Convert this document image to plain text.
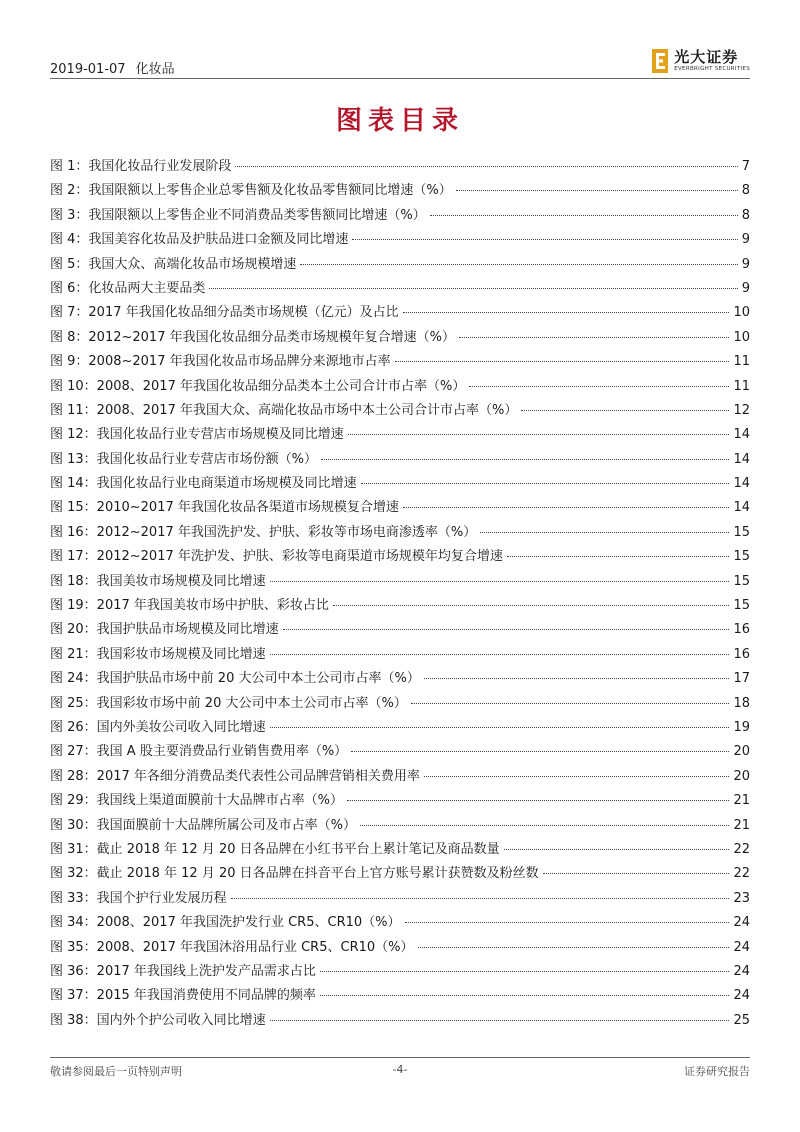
2019-01-07 化妆品
光大证券
EVERBRIGHT SECURITIES
图表目录
图 1：我国化妆品行业发展阶段	7
图 2：我国限额以上零售企业总零售额及化妆品零售额同比增速（%）	8
图 3：我国限额以上零售企业不同消费品类零售额同比增速（%）	8
图 4：我国美容化妆品及护肤品进口金额及同比增速	9
图 5：我国大众、高端化妆品市场规模增速	9
图 6：化妆品两大主要品类	9
图 7：2017 年我国化妆品细分品类市场规模（亿元）及占比	10
图 8：2012~2017 年我国化妆品细分品类市场规模年复合增速（%）	10
图 9：2008~2017 年我国化妆品市场品牌分来源地市占率	11
图 10：2008、2017 年我国化妆品细分品类本土公司合计市占率（%）	11
图 11：2008、2017 年我国大众、高端化妆品市场中本土公司合计市占率（%）	12
图 12：我国化妆品行业专营店市场规模及同比增速	14
图 13：我国化妆品行业专营店市场份额（%）	14
图 14：我国化妆品行业电商渠道市场规模及同比增速	14
图 15：2010~2017 年我国化妆品各渠道市场规模复合增速	14
图 16：2012~2017 年我国洗护发、护肤、彩妆等市场电商渗透率（%）	15
图 17：2012~2017 年洗护发、护肤、彩妆等电商渠道市场规模年均复合增速	15
图 18：我国美妆市场规模及同比增速	15
图 19：2017 年我国美妆市场中护肤、彩妆占比	15
图 20：我国护肤品市场规模及同比增速	16
图 21：我国彩妆市场规模及同比增速	16
图 24：我国护肤品市场中前 20 大公司中本土公司市占率（%）	17
图 25：我国彩妆市场中前 20 大公司中本土公司市占率（%）	18
图 26：国内外美妆公司收入同比增速	19
图 27：我国 A 股主要消费品行业销售费用率（%）	20
图 28：2017 年各细分消费品类代表性公司品牌营销相关费用率	20
图 29：我国线上渠道面膜前十大品牌市占率（%）	21
图 30：我国面膜前十大品牌所属公司及市占率（%）	21
图 31：截止 2018 年 12 月 20 日各品牌在小红书平台上累计笔记及商品数量	22
图 32：截止 2018 年 12 月 20 日各品牌在抖音平台上官方账号累计获赞数及粉丝数	22
图 33：我国个护行业发展历程	23
图 34：2008、2017 年我国洗护发行业 CR5、CR10（%）	24
图 35：2008、2017 年我国沐浴用品行业 CR5、CR10（%）	24
图 36：2017 年我国线上洗护发产品需求占比	24
图 37：2015 年我国消费使用不同品牌的频率	24
图 38：国内外个护公司收入同比增速	25
敬请参阅最后一页特别声明	-4-	证券研究报告
